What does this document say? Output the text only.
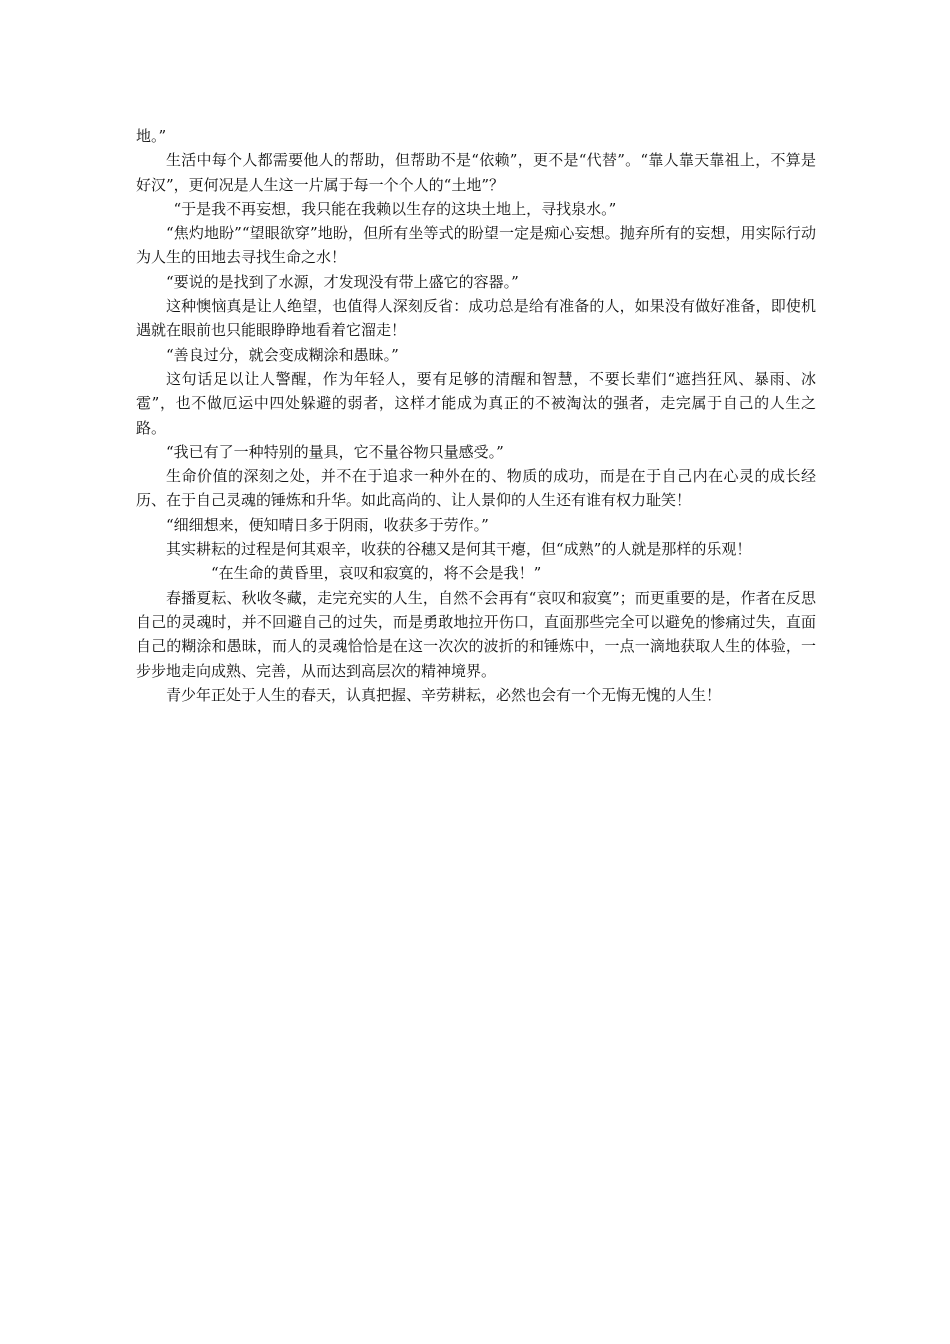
地。”

生活中每个人都需要他人的帮助，但帮助不是“依赖”，更不是“代替”。“靠人靠天靠祖上，不算是好汉”，更何况是人生这一片属于每一个个人的“土地”？

“于是我不再妄想，我只能在我赖以生存的这块土地上，寻找泉水。”

“焦灼地盼”“望眼欲穿”地盼，但所有坐等式的盼望一定是痴心妄想。抛弃所有的妄想，用实际行动为人生的田地去寻找生命之水！

“要说的是找到了水源，才发现没有带上盛它的容器。”

这种懊恼真是让人绝望，也值得人深刻反省：成功总是给有准备的人，如果没有做好准备，即使机遇就在眼前也只能眼睁睁地看着它溜走！

“善良过分，就会变成糊涂和愚昧。”

这句话足以让人警醒，作为年轻人，要有足够的清醒和智慧，不要长辈们“遮挡狂风、暴雨、冰雹”，也不做厄运中四处躲避的弱者，这样才能成为真正的不被淘汰的强者，走完属于自己的人生之路。

“我已有了一种特别的量具，它不量谷物只量感受。”

生命价值的深刻之处，并不在于追求一种外在的、物质的成功，而是在于自己内在心灵的成长经历、在于自己灵魂的锤炼和升华。如此高尚的、让人景仰的人生还有谁有权力耻笑！

“细细想来，便知晴日多于阴雨，收获多于劳作。”

其实耕耘的过程是何其艰辛，收获的谷穗又是何其干瘪，但“成熟”的人就是那样的乐观！

“在生命的黄昏里，哀叹和寂寞的，将不会是我！”

春播夏耘、秋收冬藏，走完充实的人生，自然不会再有“哀叹和寂寞”；而更重要的是，作者在反思自己的灵魂时，并不回避自己的过失，而是勇敢地拉开伤口，直面那些完全可以避免的惨痛过失，直面自己的糊涂和愚昧，而人的灵魂恰恰是在这一次次的波折的和锤炼中，一点一滴地获取人生的体验，一步步地走向成熟、完善，从而达到高层次的精神境界。

青少年正处于人生的春天，认真把握、辛劳耕耘，必然也会有一个无悔无愧的人生！
